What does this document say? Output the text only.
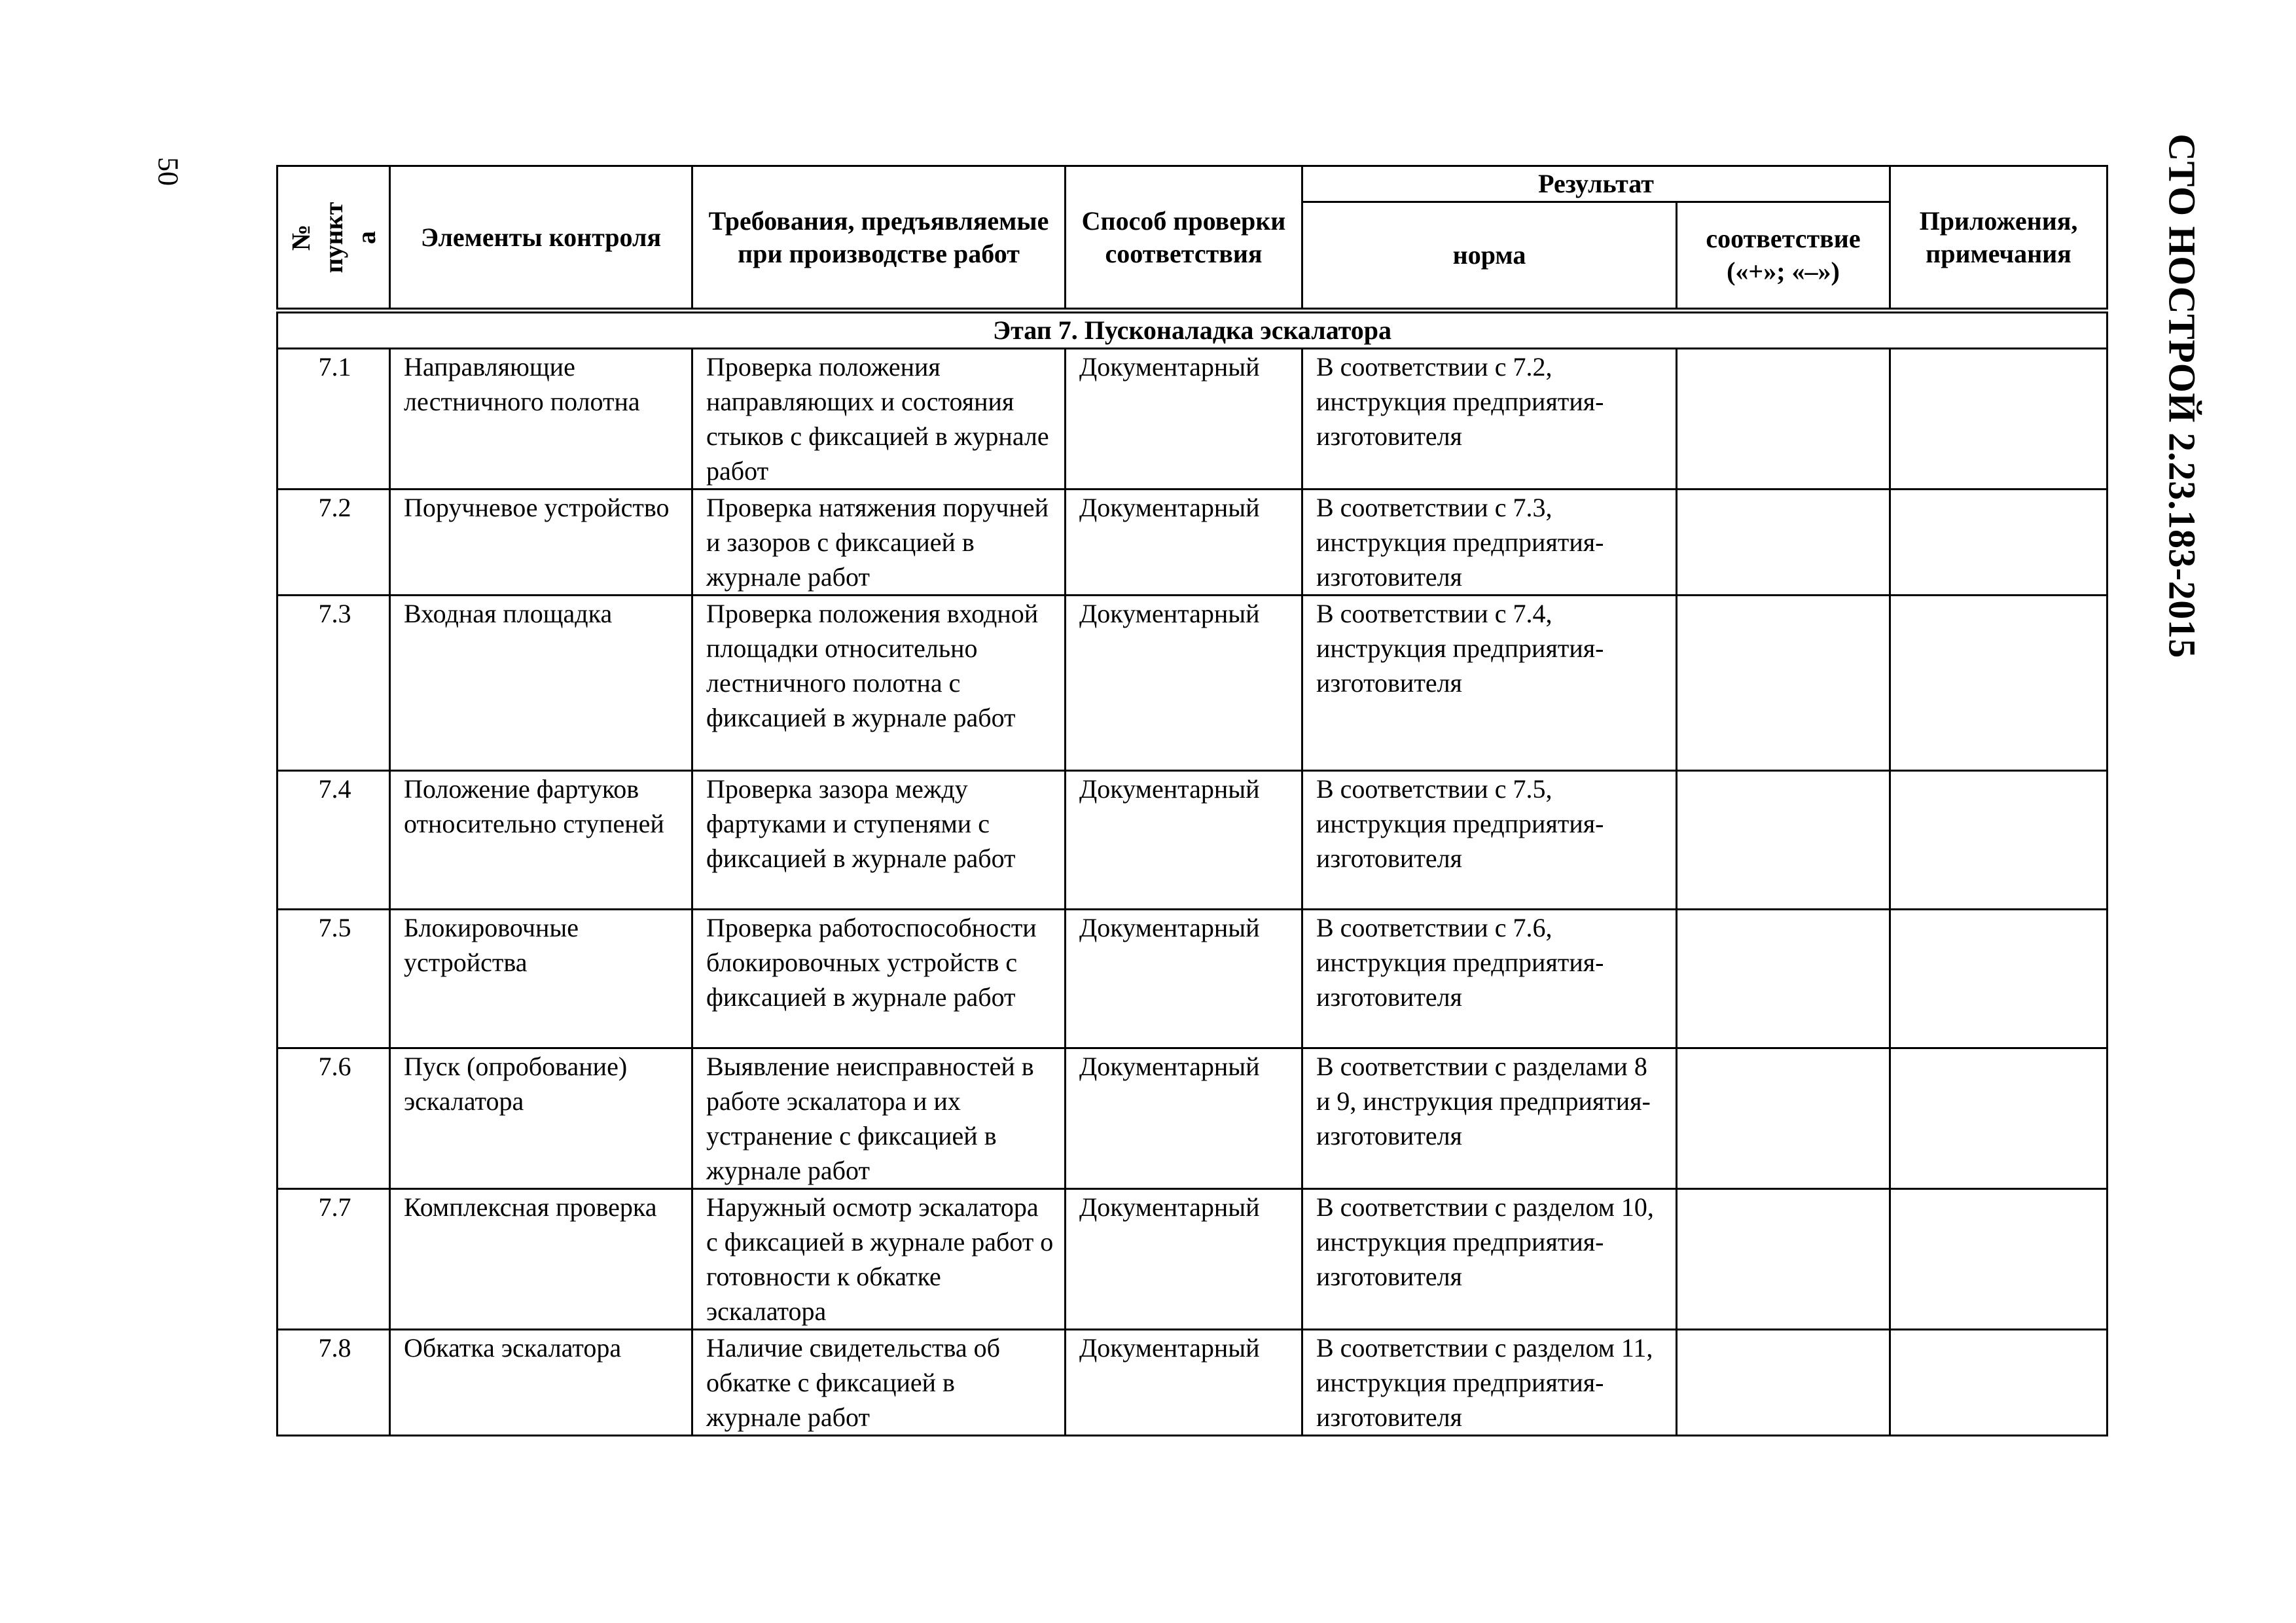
50	СТО НОСТРОЙ 2.23.183-2015
№ пункта	Элементы контроля	Требования, предъявляемые при производстве работ	Способ проверки соответствия	Результат		Приложения, примечания
				норма	соответствие («+»; «–»)	
Этап 7. Пусконаладка эскалатора						
7.1	Направляющие лестничного полотна	Проверка положения направляющих и состояния стыков с фиксацией в журнале работ	Документарный	В соответствии с 7.2, инструкция предприятия-изготовителя		
7.2	Поручневое устройство	Проверка натяжения поручней и зазоров с фиксацией в журнале работ	Документарный	В соответствии с 7.3, инструкция предприятия-изготовителя		
7.3	Входная площадка	Проверка положения входной площадки относительно лестничного полотна с фиксацией в журнале работ	Документарный	В соответствии с 7.4, инструкция предприятия-изготовителя		
7.4	Положение фартуков относительно ступеней	Проверка зазора между фартуками и ступенями с фиксацией в журнале работ	Документарный	В соответствии с 7.5, инструкция предприятия-изготовителя		
7.5	Блокировочные устройства	Проверка работоспособности блокировочных устройств с фиксацией в журнале работ	Документарный	В соответствии с 7.6, инструкция предприятия-изготовителя		
7.6	Пуск (опробование) эскалатора	Выявление неисправностей в работе эскалатора и их устранение с фиксацией в журнале работ	Документарный	В соответствии с разделами 8 и 9, инструкция предприятия-изготовителя		
7.7	Комплексная проверка	Наружный осмотр эскалатора с фиксацией в журнале работ о готовности к обкатке эскалатора	Документарный	В соответствии с разделом 10, инструкция предприятия-изготовителя		
7.8	Обкатка эскалатора	Наличие свидетельства об обкатке с фиксацией в журнале работ	Документарный	В соответствии с разделом 11, инструкция предприятия-изготовителя		
